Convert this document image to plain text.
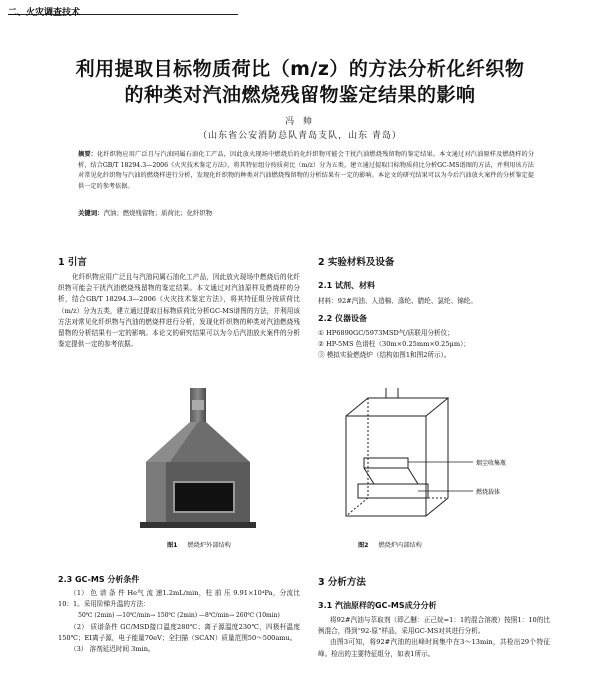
二、火灾调查技术
利用提取目标物质荷比（m/z）的方法分析化纤织物
的种类对汽油燃烧残留物鉴定结果的影响
冯 帅
（山东省公安消防总队青岛支队，山东 青岛）
摘要：化纤织物应用广泛且与汽油同属石油化工产品，因此放火现场中燃烧后的化纤织物可能会干扰汽油燃烧残留物的鉴定结果。本文通过对汽油原样及燃烧样的分析，结合GB/T 18294.3—2006《火灾技术鉴定方法》，将其特征组分按质荷比（m/z）分为五类，建立通过提取目标物质荷比分析GC-MS谱图的方法，并利用该方法对常见化纤织物与汽油的燃烧样进行分析，发现化纤织物的种类对汽油燃烧残留物的分析结果有一定的影响。本论文的研究结果可以为今后汽油放火案件的分析鉴定提供一定的参考依据。
关键词：汽油；燃烧残留物；质荷比；化纤织物
1 引言
化纤织物应用广泛且与汽油同属石油化工产品，因此放火现场中燃烧后的化纤织物可能会干扰汽油燃烧残留物的鉴定结果。本文通过对汽油原样及燃烧样的分析，结合GB/T 18294.3—2006《火灾技术鉴定方法》，将其特征组分按质荷比（m/z）分为五类，建立通过提取目标物质荷比分析GC-MS谱图的方法，并利用该方法对常见化纤织物与汽油的燃烧样进行分析，发现化纤织物的种类对汽油燃烧残留物的分析结果有一定的影响。本论文的研究结果可以为今后汽油放火案件的分析鉴定提供一定的参考依据。
2 实验材料及设备
2.1 试剂、材料
材料：92#汽油、人造棉、涤纶、腈纶、氯纶、锦纶。
2.2 仪器设备

① HP6890GC/5973MSD气/质联用分析仪；

② HP-5MS 色谱柱（30m×0.25mm×0.25μm）；

③ 模拟实验燃烧炉（结构如图1和图2所示）。

图1 燃烧炉外部结构
烟尘收集瓶
燃烧载体
图2 燃烧炉内部结构
2.3 GC-MS 分析条件

（1） 色 谱 条 件 He气 流 速1.2mL/min，柱 前 压 9.91×10⁴Pa，分流比10：1。采用阶梯升温的方法：

50℃ (2min) —10℃/min→ 150℃ (2min) —8℃/min→ 260℃ (10min)

（2） 质谱条件 GC/MSD接口温度280℃；离子源温度230℃，四极杆温度150℃；EI离子源，电子能量70eV；全扫描（SCAN）质量范围50～500amu。

（3） 溶剂延迟时间 3min。

3 分析方法
3.1 汽油原样的GC-MS成分分析

将92#汽油与萃取剂（即乙醚：正己烷=1：1的混合溶液）按照1：10的比例混合，得到“92-原”样品，采用GC-MS对其进行分析。

由图3可知，将92#汽油的出峰时间集中在3～13min，共检出29个特征峰。检出的主要特征组分，如表1所示。
